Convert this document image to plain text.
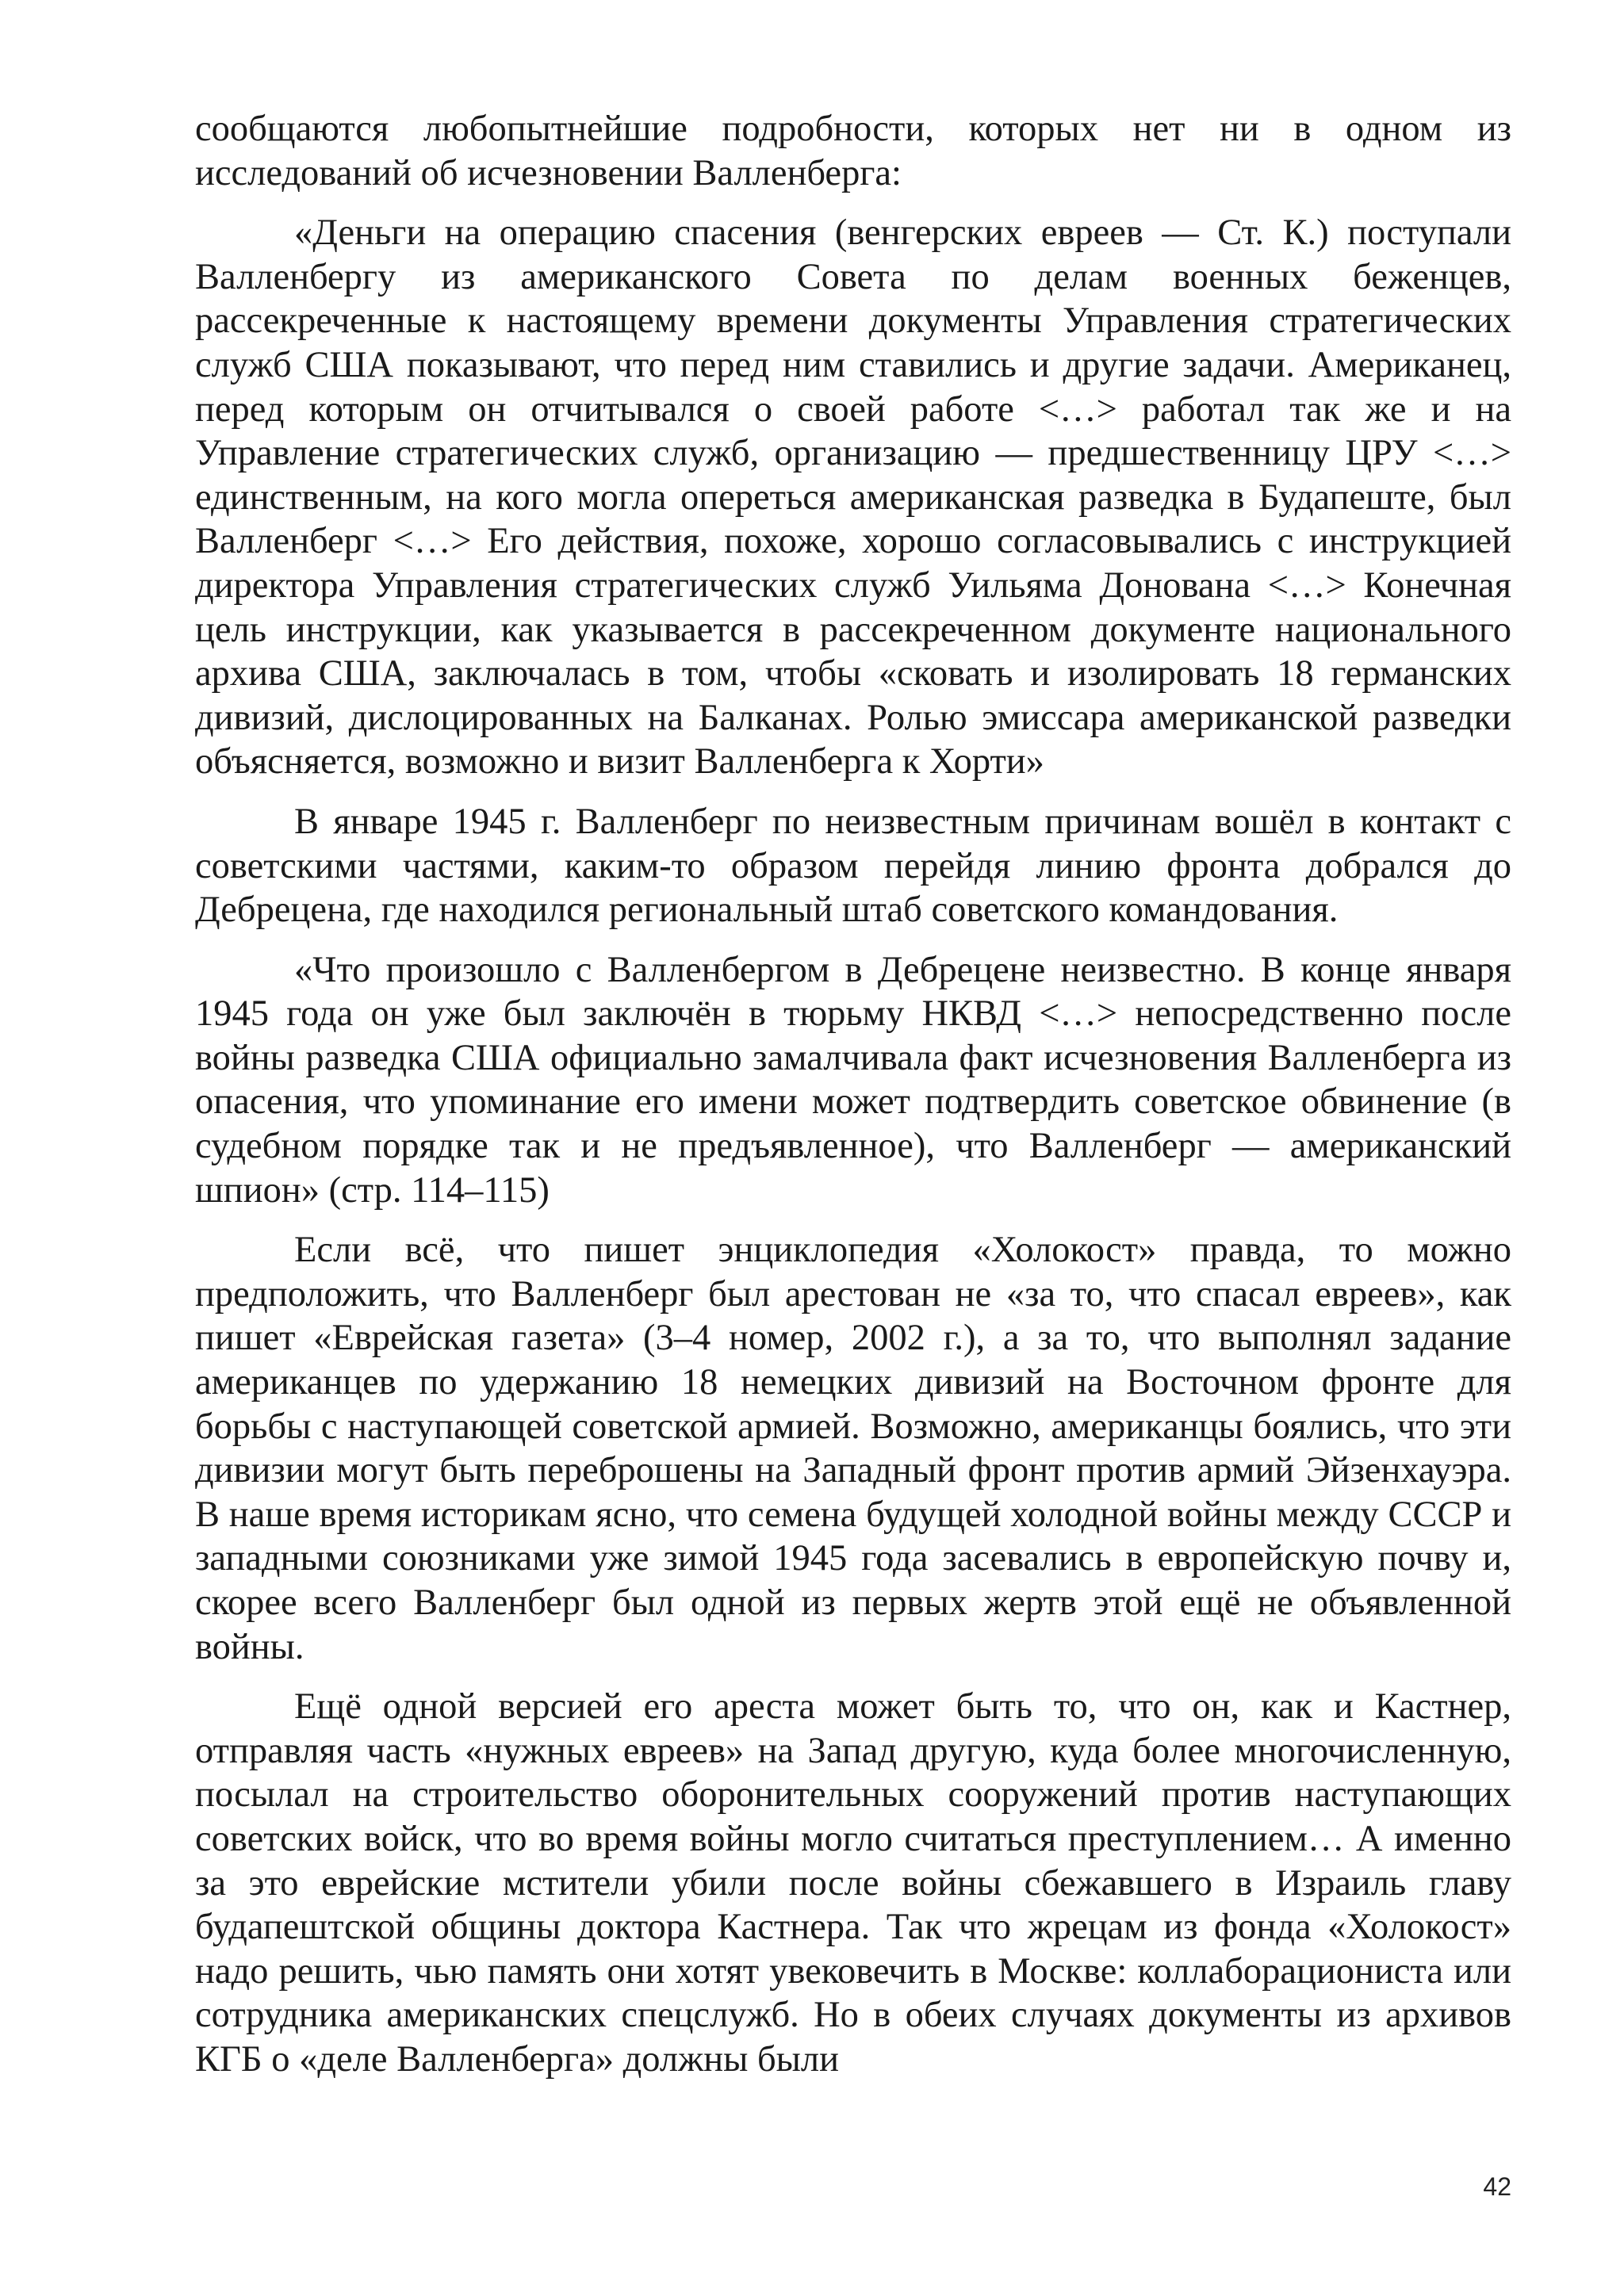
сообщаются любопытнейшие подробности, которых нет ни в одном из исследований об исчезновении Валленберга:

«Деньги на операцию спасения (венгерских евреев — Ст. К.) поступали Валленбергу из американского Совета по делам военных беженцев, рассекреченные к настоящему времени документы Управления стратегических служб США показывают, что перед ним ставились и другие задачи. Американец, перед которым он отчитывался о своей работе <…> работал так же и на Управление стратегических служб, организацию — предшественницу ЦРУ <…> единственным, на кого могла опереться американская разведка в Будапеште, был Валленберг <…> Его действия, похоже, хорошо согласовывались с инструкцией директора Управления стратегических служб Уильяма Донована <…> Конечная цель инструкции, как указывается в рассекреченном документе национального архива США, заключалась в том, чтобы «сковать и изолировать 18 германских дивизий, дислоцированных на Балканах. Ролью эмиссара американской разведки объясняется, возможно и визит Валленберга к Хорти»

В январе 1945 г. Валленберг по неизвестным причинам вошёл в контакт с советскими частями, каким-то образом перейдя линию фронта добрался до Дебрецена, где находился региональный штаб советского командования.

«Что произошло с Валленбергом в Дебрецене неизвестно. В конце января 1945 года он уже был заключён в тюрьму НКВД <…> непосредственно после войны разведка США официально замалчивала факт исчезновения Валленберга из опасения, что упоминание его имени может подтвердить советское обвинение (в судебном порядке так и не предъявленное), что Валленберг — американский шпион» (стр. 114–115)

Если всё, что пишет энциклопедия «Холокост» правда, то можно предположить, что Валленберг был арестован не «за то, что спасал евреев», как пишет «Еврейская газета» (3–4 номер, 2002 г.), а за то, что выполнял задание американцев по удержанию 18 немецких дивизий на Восточном фронте для борьбы с наступающей советской армией. Возможно, американцы боялись, что эти дивизии могут быть переброшены на Западный фронт против армий Эйзенхауэра. В наше время историкам ясно, что семена будущей холодной войны между СССР и западными союзниками уже зимой 1945 года засевались в европейскую почву и, скорее всего Валленберг был одной из первых жертв этой ещё не объявленной войны.

Ещё одной версией его ареста может быть то, что он, как и Кастнер, отправляя часть «нужных евреев» на Запад другую, куда более многочисленную, посылал на строительство оборонительных сооружений против наступающих советских войск, что во время войны могло считаться преступлением… А именно за это еврейские мстители убили после войны сбежавшего в Израиль главу будапештской общины доктора Кастнера. Так что жрецам из фонда «Холокост» надо решить, чью память они хотят увековечить в Москве: коллаборациониста или сотрудника американских спецслужб. Но в обеих случаях документы из архивов КГБ о «деле Валленберга» должны были

42
